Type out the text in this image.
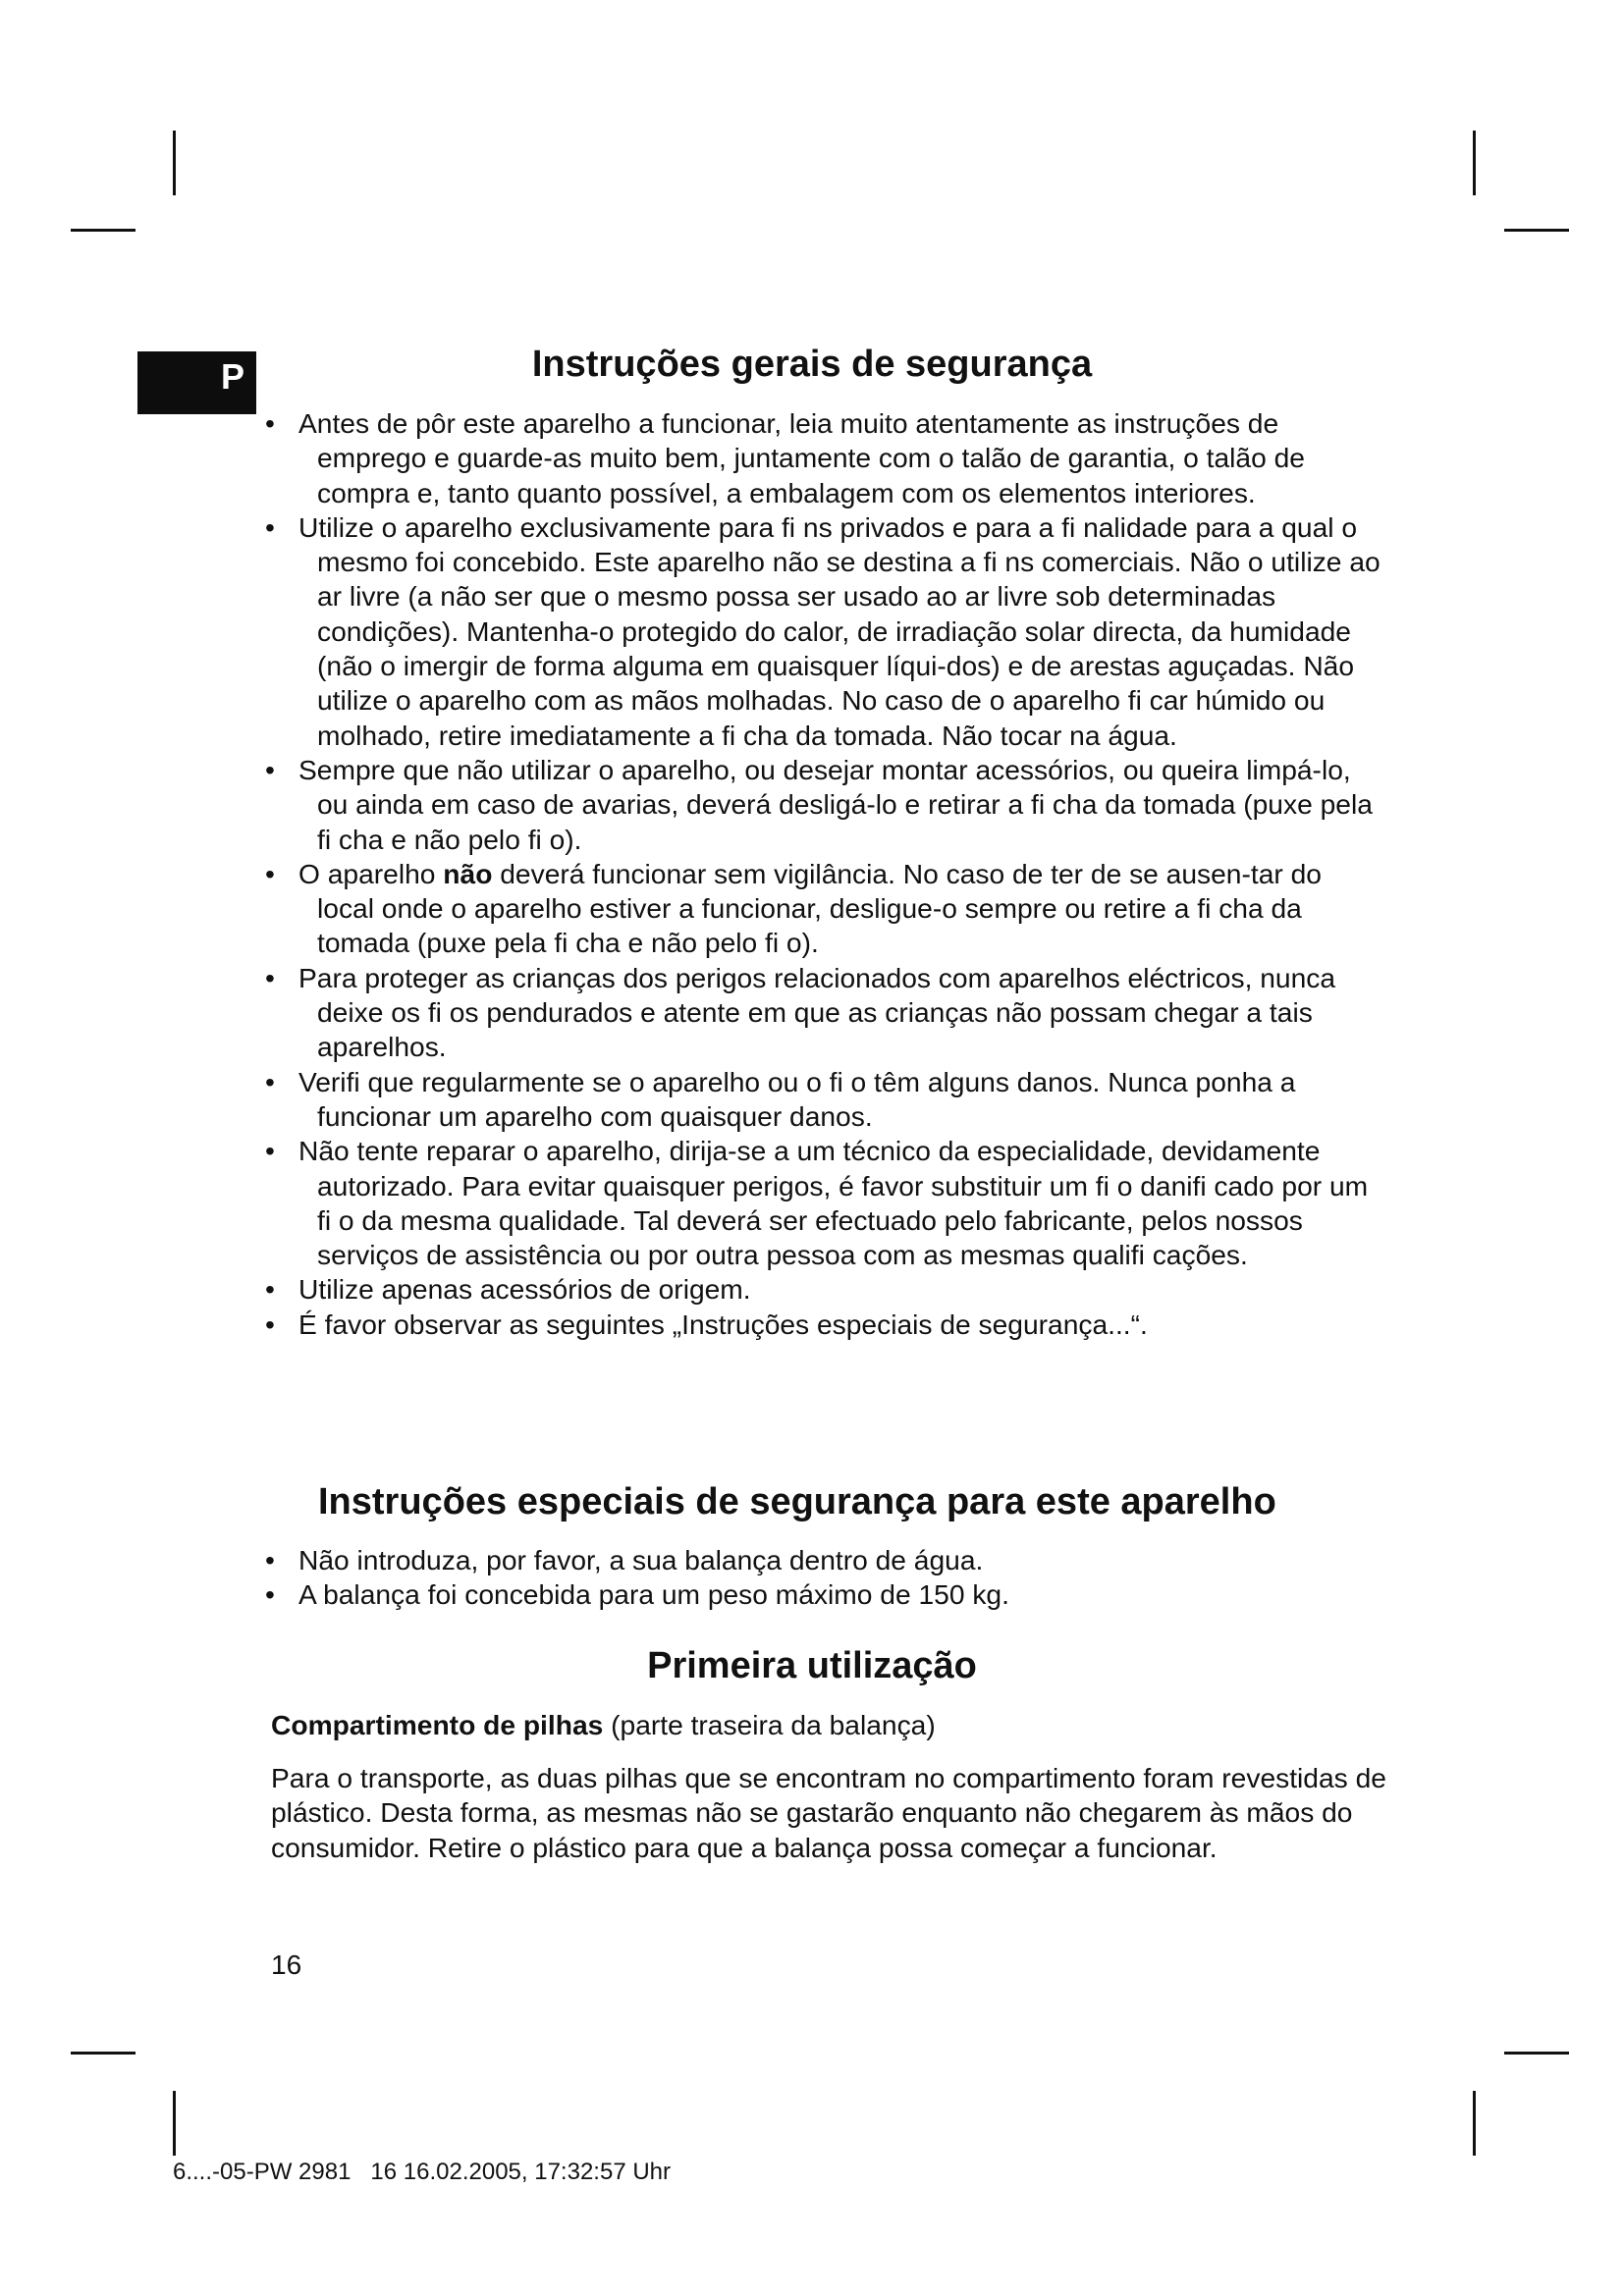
P	Instruções gerais de segurança
• Antes de pôr este aparelho a funcionar, leia muito atentamente as instruções de emprego e guarde-as muito bem, juntamente com o talão de garantia, o talão de compra e, tanto quanto possível, a embalagem com os elementos interiores.
• Utilize o aparelho exclusivamente para fi ns privados e para a fi nalidade para a qual o mesmo foi concebido. Este aparelho não se destina a fi ns comerciais. Não o utilize ao ar livre (a não ser que o mesmo possa ser usado ao ar livre sob determinadas condições). Mantenha-o protegido do calor, de irradiação solar directa, da humidade (não o imergir de forma alguma em quaisquer líqui-dos) e de arestas aguçadas. Não utilize o aparelho com as mãos molhadas. No caso de o aparelho fi car húmido ou molhado, retire imediatamente a fi cha da tomada. Não tocar na água.
• Sempre que não utilizar o aparelho, ou desejar montar acessórios, ou queira limpá-lo, ou ainda em caso de avarias, deverá desligá-lo e retirar a fi cha da tomada (puxe pela fi cha e não pelo fi o).
• O aparelho não deverá funcionar sem vigilância. No caso de ter de se ausen-tar do local onde o aparelho estiver a funcionar, desligue-o sempre ou retire a fi cha da tomada (puxe pela fi cha e não pelo fi o).
• Para proteger as crianças dos perigos relacionados com aparelhos eléctricos, nunca deixe os fi os pendurados e atente em que as crianças não possam chegar a tais aparelhos.
• Verifi que regularmente se o aparelho ou o fi o têm alguns danos. Nunca ponha a funcionar um aparelho com quaisquer danos.
• Não tente reparar o aparelho, dirija-se a um técnico da especialidade, devidamente autorizado. Para evitar quaisquer perigos, é favor substituir um fi o danifi cado por um fi o da mesma qualidade. Tal deverá ser efectuado pelo fabricante, pelos nossos serviços de assistência ou por outra pessoa com as mesmas qualifi cações.
• Utilize apenas acessórios de origem.
• É favor observar as seguintes „Instruções especiais de segurança...“.
Instruções especiais de segurança para este aparelho
• Não introduza, por favor, a sua balança dentro de água.
• A balança foi concebida para um peso máximo de 150 kg.
Primeira utilização

Compartimento de pilhas (parte traseira da balança)

Para o transporte, as duas pilhas que se encontram no compartimento foram revestidas de plástico. Desta forma, as mesmas não se gastarão enquanto não chegarem às mãos do consumidor. Retire o plástico para que a balança possa começar a funcionar.

16
6....-05-PW 2981   16 16.02.2005, 17:32:57 Uhr
